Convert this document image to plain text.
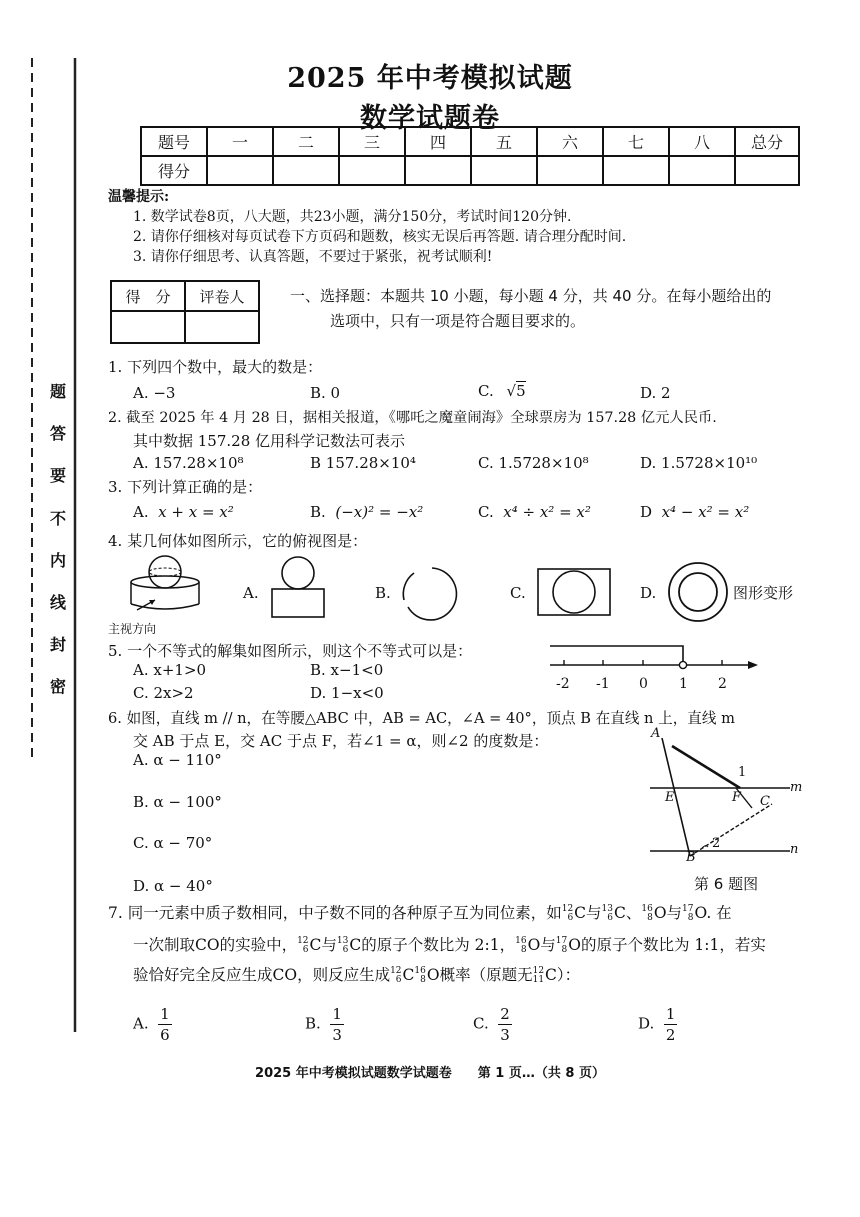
题
答
要
不
内
线
封
密
2025 年中考模拟试题
数学试题卷
题号	一	二	三	四	五	六	七	八	总分
得分									
温馨提示:
1. 数学试卷8页，八大题，共23小题，满分150分，考试时间120分钟.
2. 请你仔细核对每页试卷下方页码和题数，核实无误后再答题. 请合理分配时间.
3. 请你仔细思考、认真答题，不要过于紧张，祝考试顺利!
得　分	评卷人
		一、选择题：本题共 10 小题，每小题 4 分，共 40 分。在每小题给出的
选项中，只有一项是符合题目要求的。
1. 下列四个数中，最大的数是：
A. −3	B. 0	C. √5	D. 2
2. 截至 2025 年 4 月 28 日，据相关报道，《哪吒之魔童闹海》全球票房为 157.28 亿元人民币.
其中数据 157.28 亿用科学记数法可表示
A. 157.28×10⁸	B 157.28×10⁴	C. 1.5728×10⁸	D. 1.5728×10¹⁰
3. 下列计算正确的是：
A. x + x = x²	B. (−x)² = −x²	C. x⁴ ÷ x² = x²	D x⁴ − x² = x²
4. 某几何体如图所示，它的俯视图是：
主视方向
A.	B.	C.	D.	图形变形
5. 一个不等式的解集如图所示，则这个不等式可以是：
A. x+1>0	B. x−1<0
C. 2x>2	D. 1−x<0	-2 -1 0 1 2
6. 如图，直线 m // n，在等腰△ABC 中，AB = AC，∠A = 40°，顶点 B 在直线 n 上，直线 m
交 AB 于点 E，交 AC 于点 F，若∠1 = α，则∠2 的度数是：
A. α − 110°
B. α − 100°
C. α − 70°
D. α − 40°
A
1
m
E	F C
2	n
B
第 6 题图
7. 同一元素中质子数相同，中子数不同的各种原子互为同位素，如12
6C与13
6C、16
8O与17
8O. 在
一次制取CO的实验中，12
6C与13
6C的原子个数比为 2:1，16
8O与17
8O的原子个数比为 1:1，若实
验恰好完全反应生成CO，则反应生成12
6C16
8O概率（原题无12
11C）：
A. $\frac{1}{6}$	B. $\frac{1}{3}$	C. $\frac{2}{3}$	D. $\frac{1}{2}$
2025 年中考模拟试题数学试题卷　　第 1 页…（共 8 页）
